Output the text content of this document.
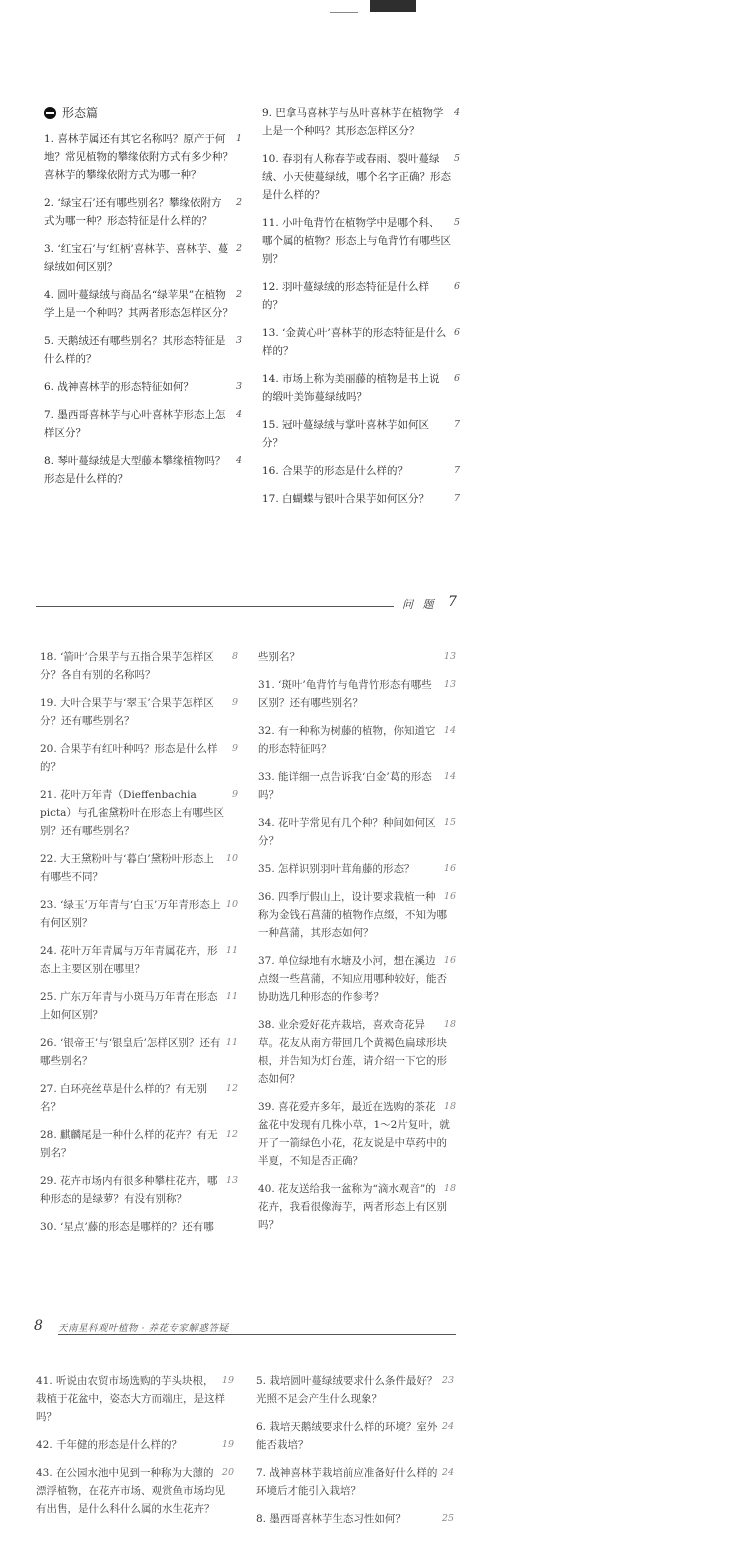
形态篇
1
1. 喜林芋属还有其它名称吗？原产于何地？常见植物的攀缘依附方式有多少种？喜林芋的攀缘依附方式为哪一种？
2
2. ‘绿宝石’还有哪些别名？攀缘依附方式为哪一种？形态特征是什么样的？
2
3. ‘红宝石’与‘红柄’喜林芋、喜林芋、蔓绿绒如何区别？
2
4. 圆叶蔓绿绒与商品名“绿苹果”在植物学上是一个种吗？其两者形态怎样区分？
3
5. 天鹅绒还有哪些别名？其形态特征是什么样的？
3
6. 战神喜林芋的形态特征如何？
4
7. 墨西哥喜林芋与心叶喜林芋形态上怎样区分？
4
8. 琴叶蔓绿绒是大型藤本攀缘植物吗？形态是什么样的？
4
9. 巴拿马喜林芋与丛叶喜林芋在植物学上是一个种吗？其形态怎样区分？
5
10. 春羽有人称春芋或春雨、裂叶蔓绿绒、小天使蔓绿绒，哪个名字正确？形态是什么样的？
5
11. 小叶龟背竹在植物学中是哪个科、哪个属的植物？形态上与龟背竹有哪些区别？
6
12. 羽叶蔓绿绒的形态特征是什么样的？
6
13. ‘金黄心叶’喜林芋的形态特征是什么样的？
6
14. 市场上称为美丽藤的植物是书上说的缎叶美饰蔓绿绒吗？
7
15. 冠叶蔓绿绒与掌叶喜林芋如何区分？
7
16. 合果芋的形态是什么样的？
7
17. 白蝴蝶与银叶合果芋如何区分？
问 题 7
8
18. ‘箭叶’合果芋与五指合果芋怎样区分？各自有别的名称吗？
9
19. 大叶合果芋与‘翠玉’合果芋怎样区分？还有哪些别名？
9
20. 合果芋有红叶种吗？形态是什么样的？
9
21. 花叶万年青（Dieffenbachia picta）与孔雀黛粉叶在形态上有哪些区别？还有哪些别名？
10
22. 大王黛粉叶与‘暮白’黛粉叶形态上有哪些不同？
10
23. ‘绿玉’万年青与‘白玉’万年青形态上有何区别？
11
24. 花叶万年青属与万年青属花卉，形态上主要区别在哪里？
11
25. 广东万年青与小斑马万年青在形态上如何区别？
11
26. ‘银帝王’与‘银皇后’怎样区别？还有哪些别名？
12
27. 白环亮丝草是什么样的？有无别名？
12
28. 麒麟尾是一种什么样的花卉？有无别名？
13
29. 花卉市场内有很多种攀柱花卉，哪种形态的是绿萝？有没有别称？
30. ‘星点’藤的形态是哪样的？还有哪
13
些别名？
13
31. ‘斑叶’龟背竹与龟背竹形态有哪些区别？还有哪些别名？
14
32. 有一种称为树藤的植物，你知道它的形态特征吗？
14
33. 能详细一点告诉我‘白金’葛的形态吗？
15
34. 花叶芋常见有几个种？种间如何区分？
16
35. 怎样识别羽叶茸角藤的形态？
16
36. 四季厅假山上，设计要求栽植一种称为金钱石菖蒲的植物作点缀，不知为哪一种菖蒲，其形态如何？
16
37. 单位绿地有水塘及小河，想在溪边点缀一些菖蒲，不知应用哪种较好，能否协助选几种形态的作参考？
18
38. 业余爱好花卉栽培，喜欢奇花异草。花友从南方带回几个黄褐色扁球形块根，并告知为灯台莲，请介绍一下它的形态如何？
18
39. 喜花爱卉多年，最近在选购的茶花盆花中发现有几株小草，1～2片复叶，就开了一箭绿色小花，花友说是中草药中的半夏，不知是否正确？
18
40. 花友送给我一盆称为“滴水观音”的花卉，我看很像海芋，两者形态上有区别吗？
8 天南星科观叶植物 · 养花专家解惑答疑
19
41. 听说由农贸市场选购的芋头块根，栽植于花盆中，姿态大方而端庄，是这样吗？
19
42. 千年健的形态是什么样的？
20
43. 在公园水池中见到一种称为大薸的漂浮植物，在花卉市场、观赏鱼市场均见有出售，是什么科什么属的水生花卉？
23
5. 栽培圆叶蔓绿绒要求什么条件最好？光照不足会产生什么现象？
24
6. 栽培天鹅绒要求什么样的环境？室外能否栽培？
24
7. 战神喜林芋栽培前应准备好什么样的环境后才能引入栽培？
25
8. 墨西哥喜林芋生态习性如何？
